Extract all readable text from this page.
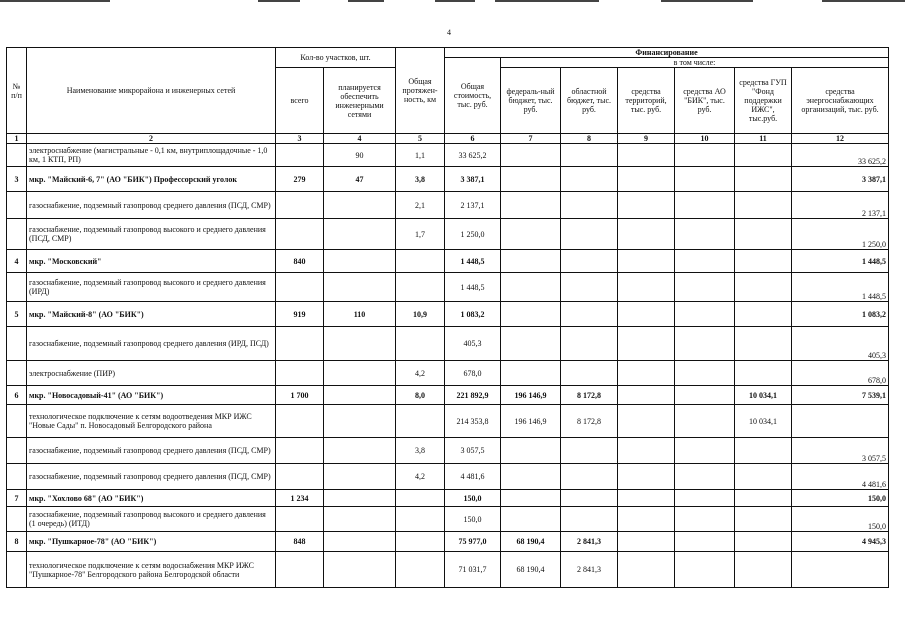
4
№ п/п	Наименование микрорайона и инженерных сетей	Кол-во участков, шт.		Общая протяжен-ность, км	Финансирование						
					Общая стоимость, тыс. руб.	в том числе:					
		всего	планируется обеспечить инженерными сетями			федераль-ный бюджет, тыс. руб.	областной бюджет, тыс. руб.	средства территорий, тыс. руб.	средства АО "БИК", тыс. руб.	средства ГУП "Фонд поддержки ИЖС", тыс.руб.	средства энергоснабжающих организаций, тыс. руб.
1	2	3	4	5	6	7	8	9	10	11	12
	электроснабжение (магистральные - 0,1 км, внутриплощадочные - 1,0 км, 1 КТП, РП)		90	1,1	33 625,2						33 625,2
3	мкр. "Майский-6, 7" (АО "БИК") Профессорский уголок	279	47	3,8	3 387,1						3 387,1
	газоснабжение, подземный газопровод среднего давления (ПСД, СМР)			2,1	2 137,1						2 137,1
	газоснабжение, подземный газопровод высокого и среднего давления (ПСД, СМР)			1,7	1 250,0						1 250,0
4	мкр. "Московский"	840			1 448,5						1 448,5
	газоснабжение, подземный газопровод высокого и среднего давления (ИРД)				1 448,5						1 448,5
5	мкр. "Майский-8" (АО "БИК")	919	110	10,9	1 083,2						1 083,2
	газоснабжение, подземный газопровод среднего давления (ИРД, ПСД)				405,3						405,3
	электроснабжение (ПИР)			4,2	678,0						678,0
6	мкр. "Новосадовый-41" (АО "БИК")	1 700		8,0	221 892,9	196 146,9	8 172,8			10 034,1	7 539,1
	технологическое подключение к сетям водоотведения МКР ИЖС "Новые Сады" п. Новосадовый Белгородского района				214 353,8	196 146,9	8 172,8			10 034,1	
	газоснабжение, подземный газопровод среднего давления (ПСД, СМР)			3,8	3 057,5						3 057,5
	газоснабжение, подземный газопровод среднего давления (ПСД, СМР)			4,2	4 481,6						4 481,6
7	мкр. "Хохлово 68" (АО "БИК")	1 234			150,0						150,0
	газоснабжение, подземный газопровод высокого и среднего давления (1 очередь) (ИТД)				150,0						150,0
8	мкр. "Пушкарное-78" (АО "БИК")	848			75 977,0	68 190,4	2 841,3				4 945,3
	технологическое подключение к сетям водоснабжения МКР ИЖС "Пушкарное-78" Белгородского района Белгородской области				71 031,7	68 190,4	2 841,3				
